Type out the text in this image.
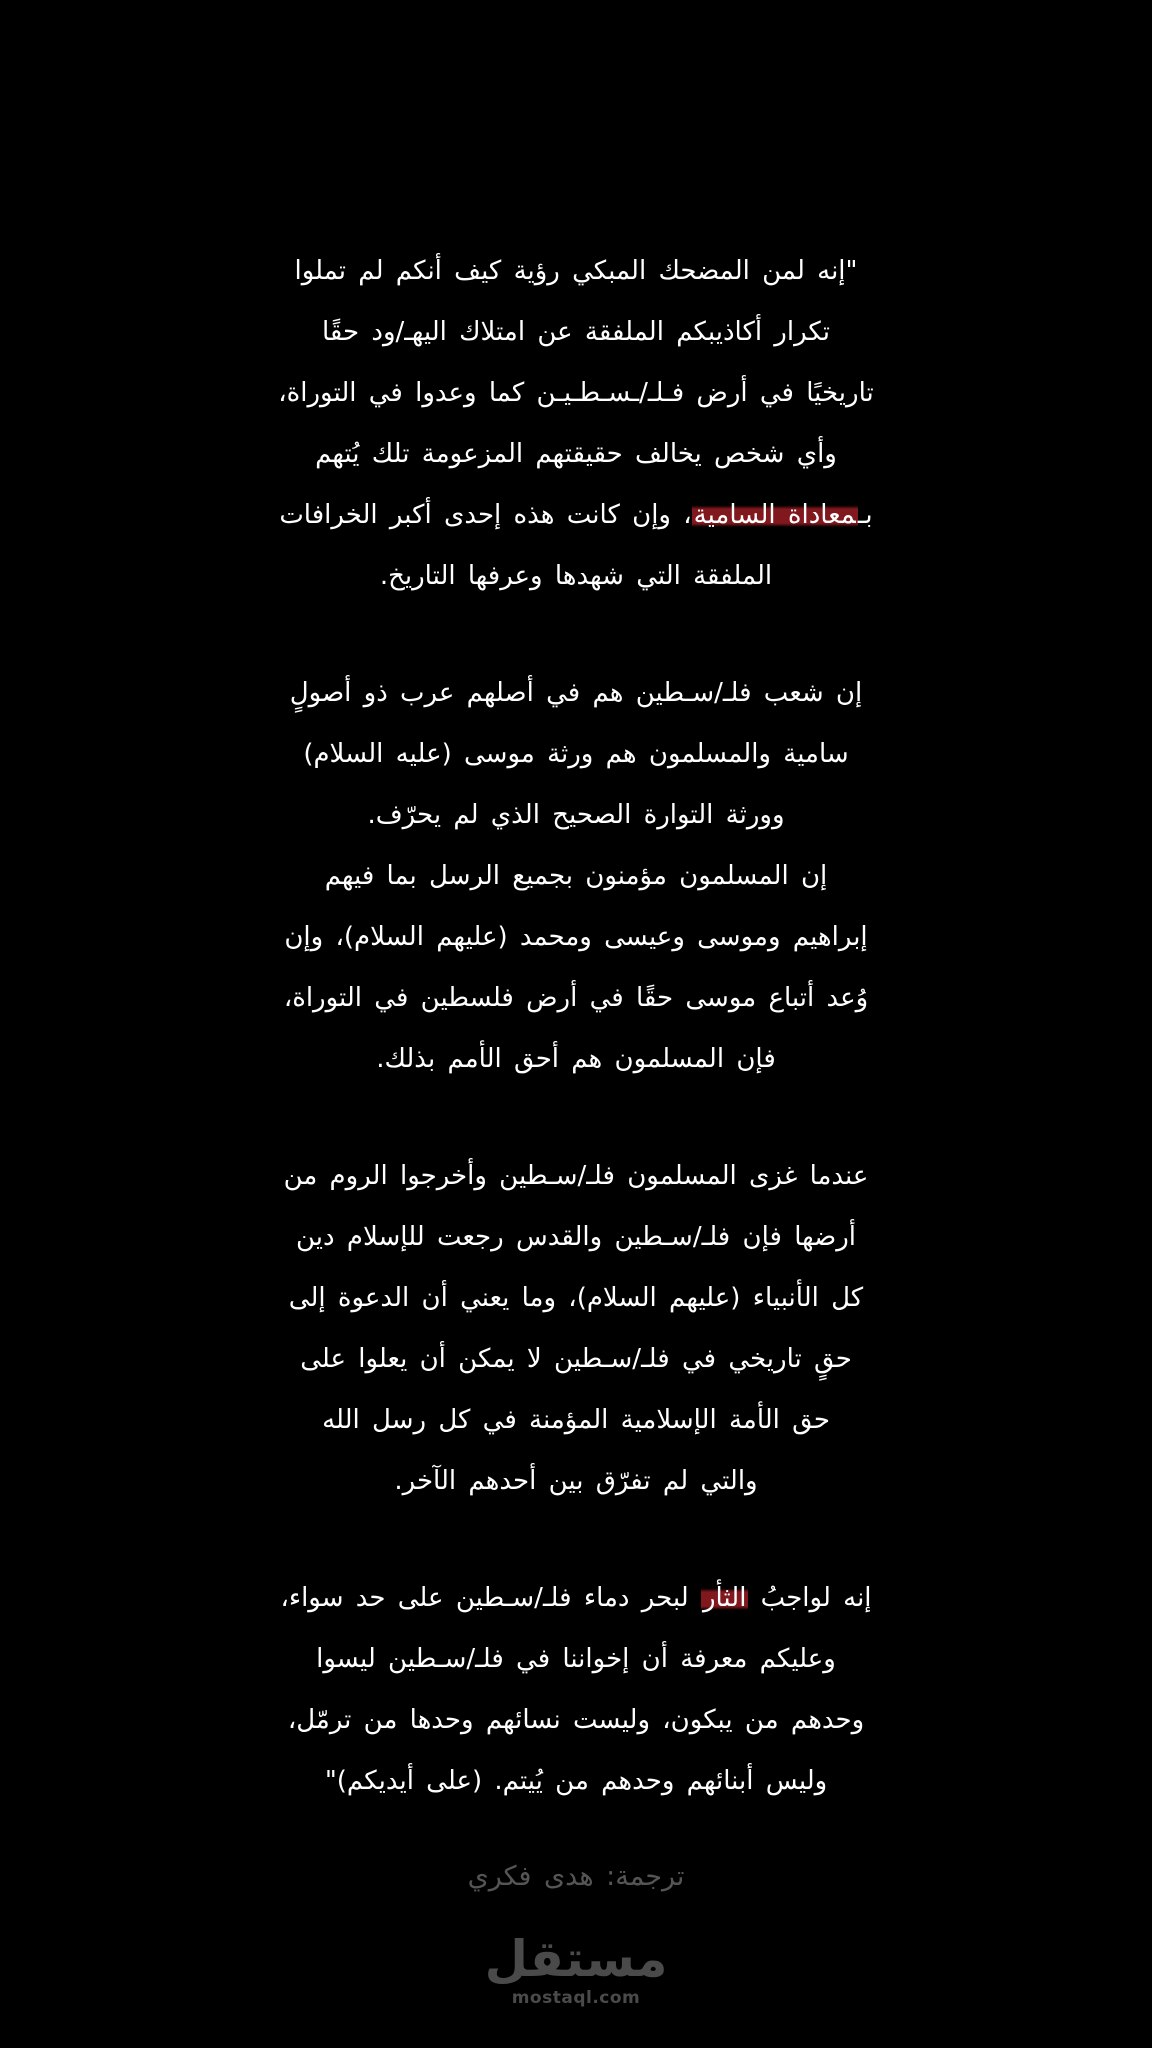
"إنه لمن المضحك المبكي رؤية كيف أنكم لم تملوا
تكرار أكاذيبكم الملفقة عن امتلاك اليهـ/ود حقًا
تاريخيًا في أرض فـلـ/ـسـطـيـن كما وعدوا في التوراة،
وأي شخص يخالف حقيقتهم المزعومة تلك يُتهم
بـمعاداة السامية، وإن كانت هذه إحدى أكبر الخرافات
الملفقة التي شهدها وعرفها التاريخ.
إن شعب فلـ/سـطين هم في أصلهم عرب ذو أصولٍ
سامية والمسلمون هم ورثة موسى (عليه السلام)
وورثة التوارة الصحيح الذي لم يحرّف.
إن المسلمون مؤمنون بجميع الرسل بما فيهم
إبراهيم وموسى وعيسى ومحمد (عليهم السلام)، وإن
وُعد أتباع موسى حقًا في أرض فلسطين في التوراة،
فإن المسلمون هم أحق الأمم بذلك.
عندما غزى المسلمون فلـ/سـطين وأخرجوا الروم من
أرضها فإن فلـ/سـطين والقدس رجعت للإسلام دين
كل الأنبياء (عليهم السلام)، وما يعني أن الدعوة إلى
حقٍ تاريخي في فلـ/سـطين لا يمكن أن يعلوا على
حق الأمة الإسلامية المؤمنة في كل رسل الله
والتي لم تفرّق بين أحدهم الآخر.
إنه لواجبُ الثأر لبحر دماء فلـ/سـطين على حد سواء،
وعليكم معرفة أن إخواننا في فلـ/سـطين ليسوا
وحدهم من يبكون، وليست نسائهم وحدها من ترمّل،
وليس أبنائهم وحدهم من يُيتم. (على أيديكم)"
ترجمة: هدى فكري
مستقل
mostaql.com
